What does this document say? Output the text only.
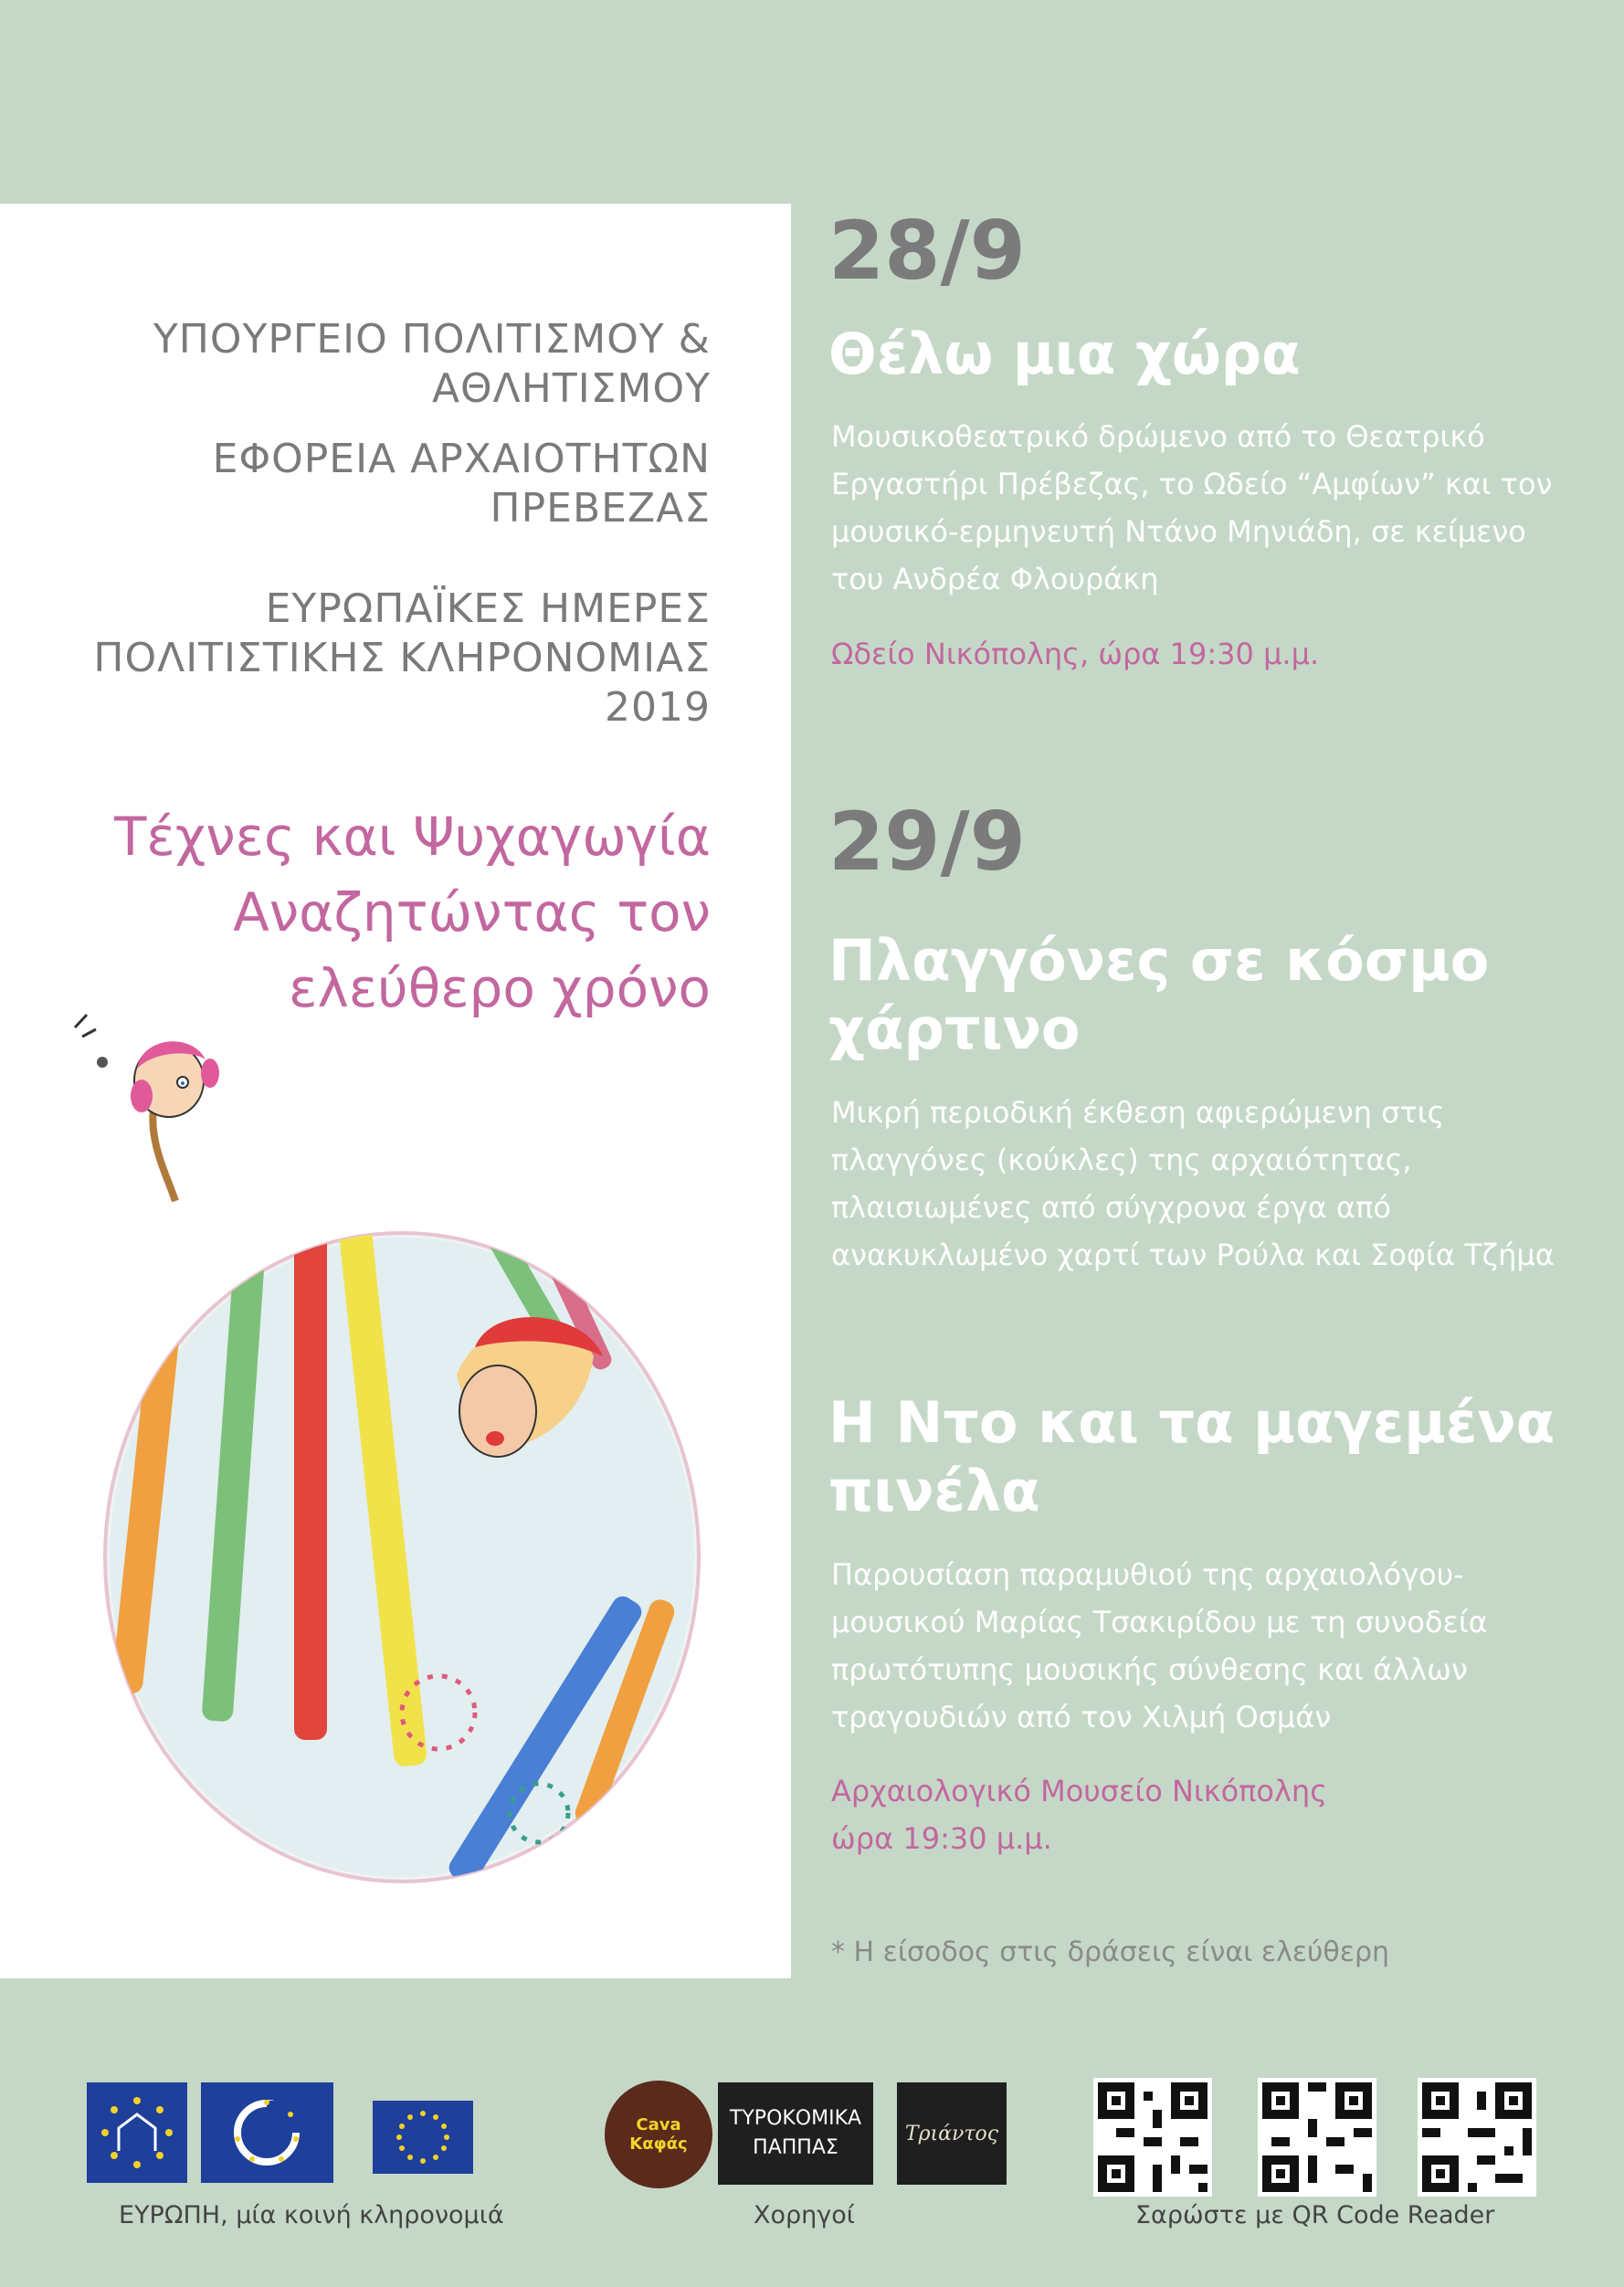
ΥΠΟΥΡΓΕΙΟ ΠΟΛΙΤΙΣΜΟΥ &
ΑΘΛΗΤΙΣΜΟΥ
ΕΦΟΡΕΙΑ ΑΡΧΑΙΟΤΗΤΩΝ
ΠΡΕΒΕΖΑΣ
ΕΥΡΩΠΑΪΚΕΣ ΗΜΕΡΕΣ
ΠΟΛΙΤΙΣΤΙΚΗΣ ΚΛΗΡΟΝΟΜΙΑΣ
2019
Τέχνες και Ψυχαγωγία
Αναζητώντας τον
ελεύθερο χρόνο
28/9
Θέλω μια χώρα
Μουσικοθεατρικό δρώμενο από το Θεατρικό Εργαστήρι Πρέβεζας, το Ωδείο “Αμφίων” και τον μουσικό-ερμηνευτή Ντάνο Μηνιάδη, σε κείμενο του Ανδρέα Φλουράκη
Ωδείο Νικόπολης, ώρα 19:30 μ.μ.
29/9
Πλαγγόνες σε κόσμο χάρτινο
Μικρή περιοδική έκθεση αφιερώμενη στις πλαγγόνες (κούκλες) της αρχαιότητας, πλαισιωμένες από σύγχρονα έργα από ανακυκλωμένο χαρτί των Ρούλα και Σοφία Τζήμα
Η Ντο και τα μαγεμένα πινέλα
Παρουσίαση παραμυθιού της αρχαιολόγου-μουσικού Μαρίας Τσακιρίδου με τη συνοδεία πρωτότυπης μουσικής σύνθεσης και άλλων τραγουδιών από τον Χιλμή Οσμάν
Αρχαιολογικό Μουσείο Νικόπολης
ώρα 19:30 μ.μ.
* Η είσοδος στις δράσεις είναι ελεύθερη
ΕΥΡΩΠΗ, μία κοινή κληρονομιά
Cava Καφάς
ΤΥΡΟΚΟΜΙΚΑ
ΠΑΠΠΑΣ
Τριάντος
Χορηγοί	Σαρώστε με QR Code Reader
